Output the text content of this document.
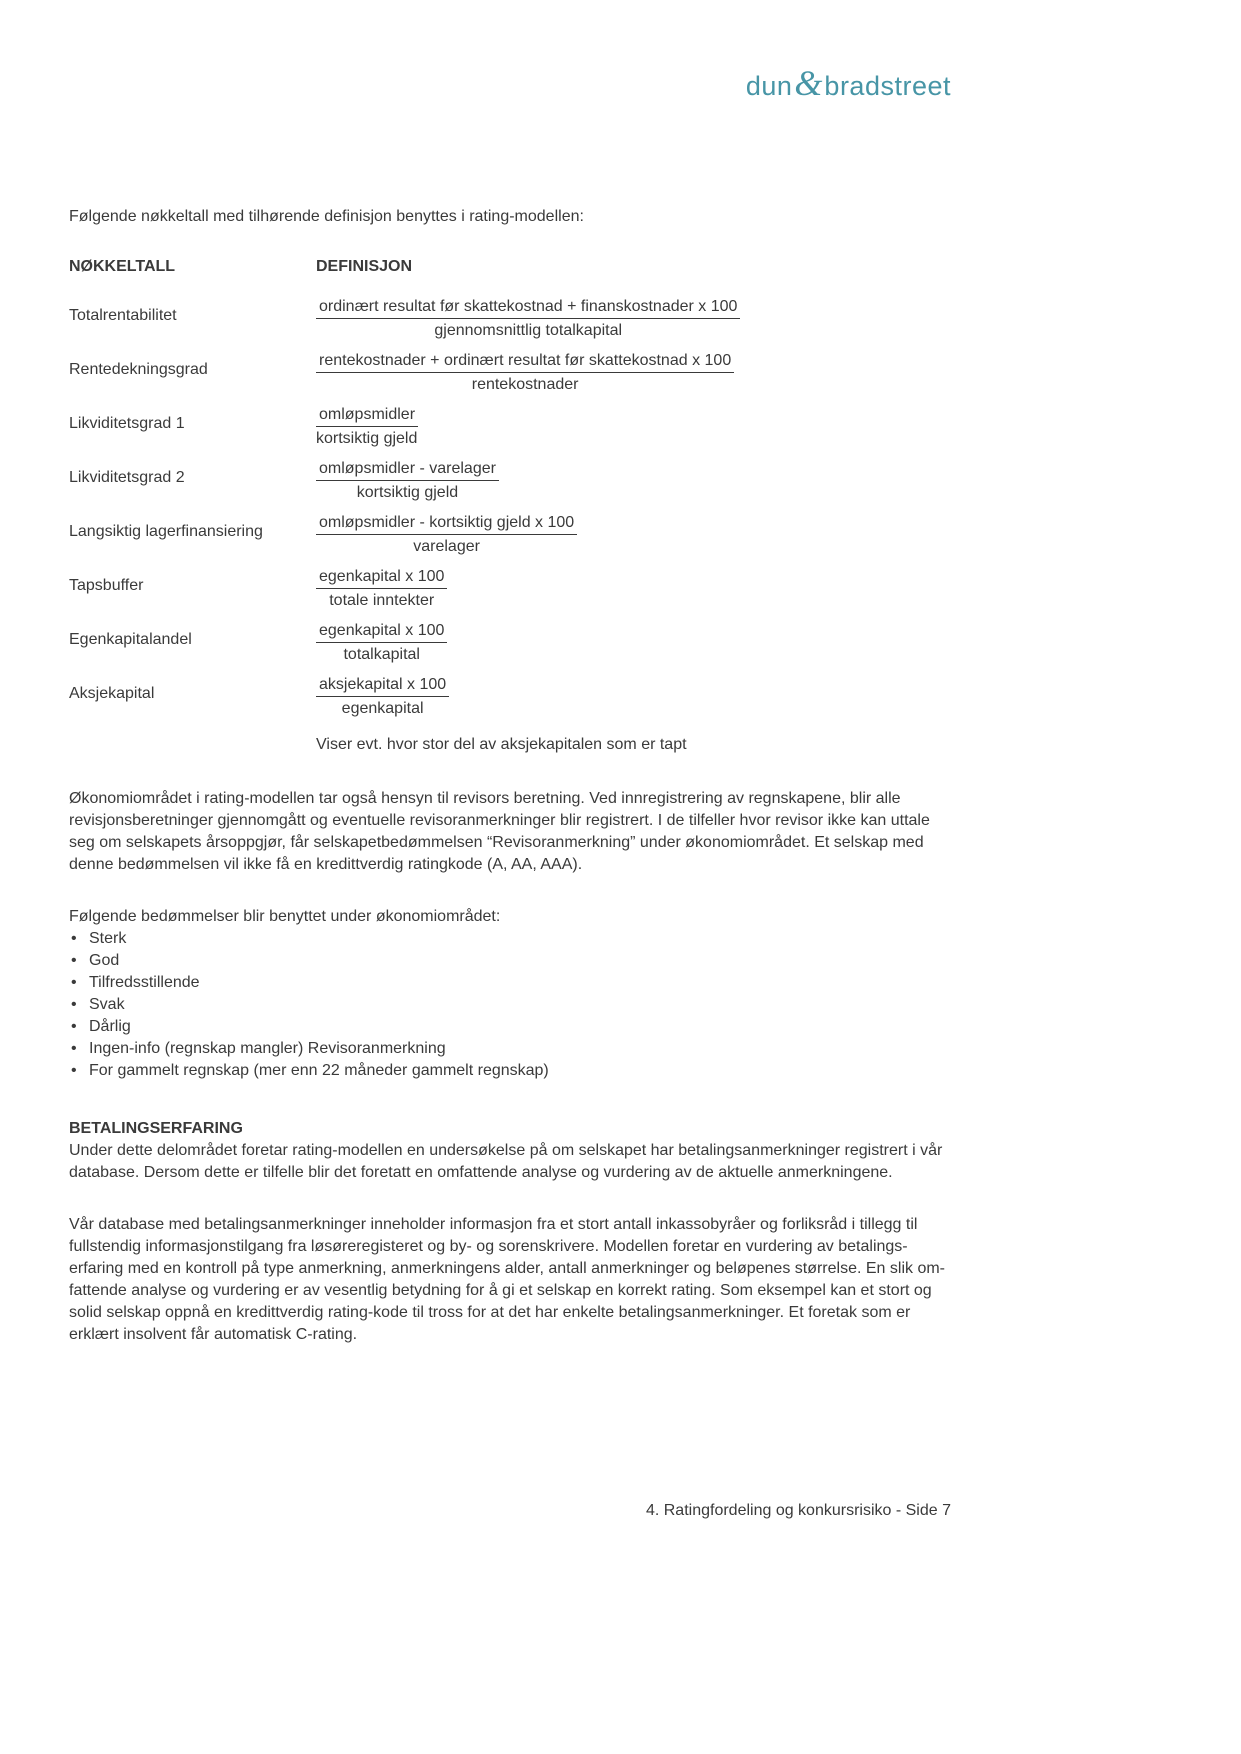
dun & bradstreet
Følgende nøkkeltall med tilhørende definisjon benyttes i rating-modellen:
NØKKELTALL	DEFINISJON
Totalrentabilitet	$\frac{\text{ordinært resultat før skattekostnad + finanskostnader x 100}}{\text{gjennomsnittlig totalkapital}}$
Rentedekningsgrad	$\frac{\text{rentekostnader + ordinært resultat før skattekostnad x 100}}{\text{rentekostnader}}$
Likviditetsgrad 1	$\frac{\text{omløpsmidler}}{\text{kortsiktig gjeld}}$
Likviditetsgrad 2	$\frac{\text{omløpsmidler - varelager}}{\text{kortsiktig gjeld}}$
Langsiktig lagerfinansiering	$\frac{\text{omløpsmidler - kortsiktig gjeld x 100}}{\text{varelager}}$
Tapsbuffer	$\frac{\text{egenkapital x 100}}{\text{totale inntekter}}$
Egenkapitalandel	$\frac{\text{egenkapital x 100}}{\text{totalkapital}}$
Aksjekapital	$\frac{\text{aksjekapital x 100}}{\text{egenkapital}}$
Viser evt. hvor stor del av aksjekapitalen som er tapt
Økonomiområdet i rating-modellen tar også hensyn til revisors beretning. Ved innregistrering av regnskapene, blir alle revisjonsberetninger gjennomgått og eventuelle revisoranmerkninger blir registrert. I de tilfeller hvor revisor ikke kan uttale seg om selskapets årsoppgjør, får selskapetbedømmelsen “Revisoranmerkning” under økonomiområdet. Et selskap med denne bedømmelsen vil ikke få en kredittverdig ratingkode (A, AA, AAA).
Følgende bedømmelser blir benyttet under økonomiområdet:
• Sterk
• God
• Tilfredsstillende
• Svak
• Dårlig
• Ingen-info (regnskap mangler) Revisoranmerkning
• For gammelt regnskap (mer enn 22 måneder gammelt regnskap)
BETALINGSERFARING
Under dette delområdet foretar rating-modellen en undersøkelse på om selskapet har betalingsanmerkninger registrert i vår database. Dersom dette er tilfelle blir det foretatt en omfattende analyse og vurdering av de aktuelle anmerkningene.
Vår database med betalingsanmerkninger inneholder informasjon fra et stort antall inkassobyråer og forliksråd i tillegg til fullstendig informasjonstilgang fra løsøreregisteret og by- og sorenskrivere. Modellen foretar en vurdering av betalings- erfaring med en kontroll på type anmerkning, anmerkningens alder, antall anmerkninger og beløpenes størrelse. En slik om- fattende analyse og vurdering er av vesentlig betydning for å gi et selskap en korrekt rating. Som eksempel kan et stort og solid selskap oppnå en kredittverdig rating-kode til tross for at det har enkelte betalingsanmerkninger. Et foretak som er erklært insolvent får automatisk C-rating.
4. Ratingfordeling og konkursrisiko - Side 7
